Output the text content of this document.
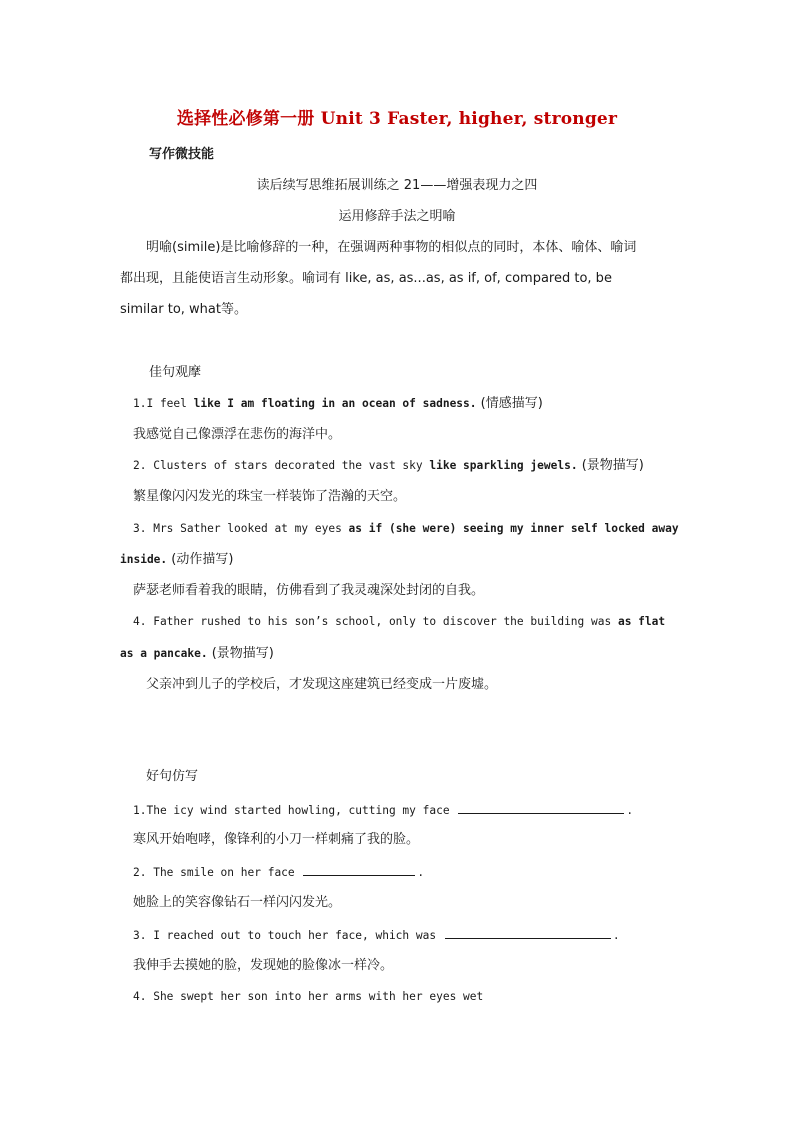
选择性必修第一册 Unit 3 Faster, higher, stronger
写作微技能
读后续写思维拓展训练之 21——增强表现力之四
运用修辞手法之明喻
明喻(simile)是比喻修辞的一种，在强调两种事物的相似点的同时，本体、喻体、喻词
都出现，且能使语言生动形象。喻词有 like, as, as...as, as if, of, compared to, be
similar to, what等。
佳句观摩
1.I feel like I am floating in an ocean of sadness. (情感描写)
我感觉自己像漂浮在悲伤的海洋中。
2. Clusters of stars decorated the vast sky like sparkling jewels. (景物描写)
繁星像闪闪发光的珠宝一样装饰了浩瀚的天空。
3. Mrs Sather looked at my eyes as if (she were) seeing my inner self locked away
inside. (动作描写)
萨瑟老师看着我的眼睛，仿佛看到了我灵魂深处封闭的自我。
4. Father rushed to his son’s school, only to discover the building was as flat
as a pancake. (景物描写)
父亲冲到儿子的学校后，才发现这座建筑已经变成一片废墟。
好句仿写
1.The icy wind started howling, cutting my face	.
寒风开始咆哮，像锋利的小刀一样刺痛了我的脸。
2. The smile on her face	.
她脸上的笑容像钻石一样闪闪发光。
3. I reached out to touch her face, which was	.
我伸手去摸她的脸，发现她的脸像冰一样冷。
4. She swept her son into her arms with her eyes wet
